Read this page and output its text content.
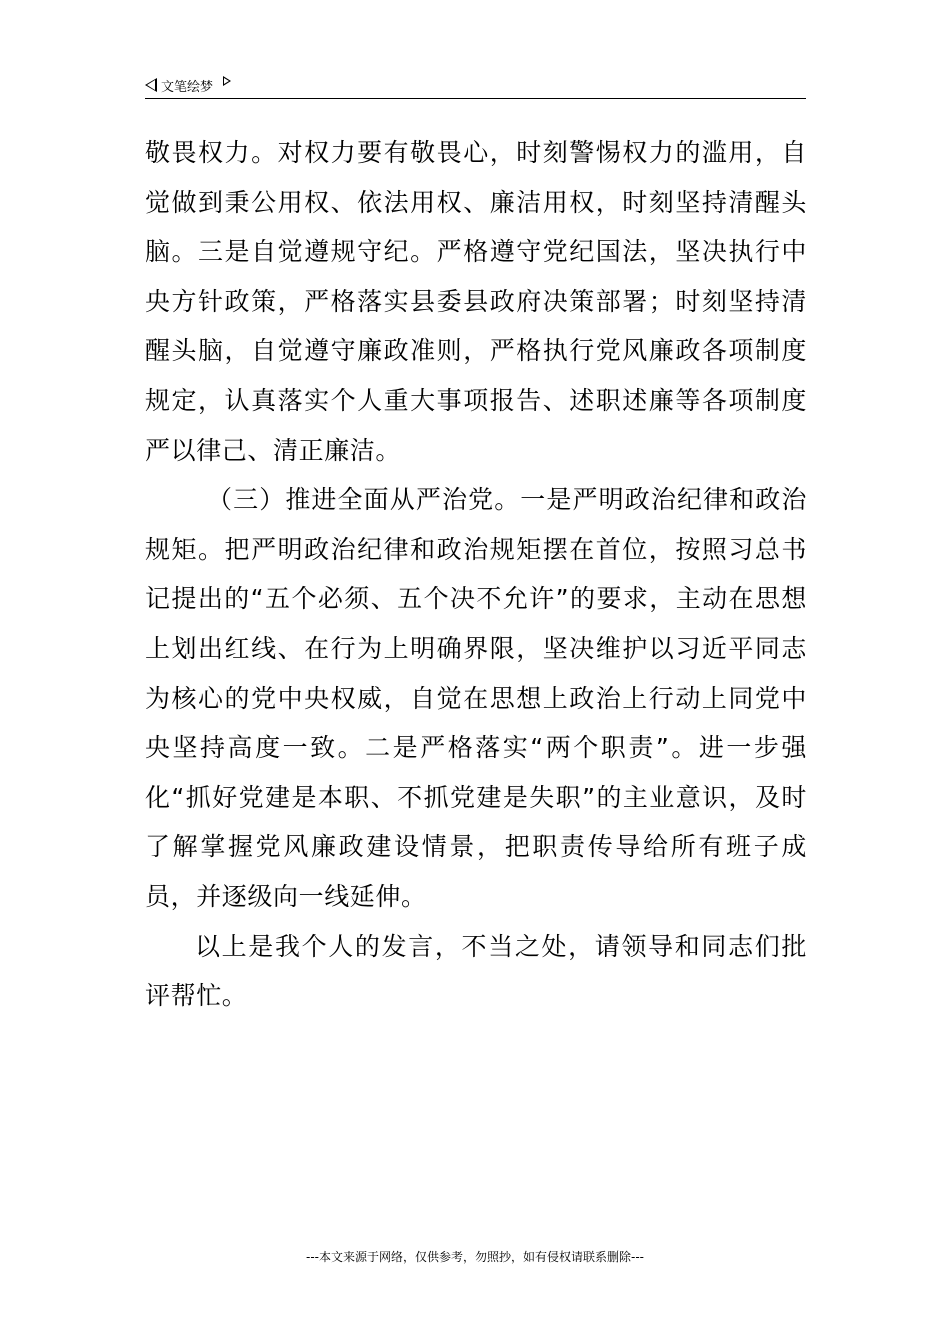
文笔绘梦

敬畏权力。对权力要有敬畏心，时刻警惕权力的滥用，自觉做到秉公用权、依法用权、廉洁用权，时刻坚持清醒头脑。三是自觉遵规守纪。严格遵守党纪国法，坚决执行中央方针政策，严格落实县委县政府决策部署；时刻坚持清醒头脑，自觉遵守廉政准则，严格执行党风廉政各项制度规定，认真落实个人重大事项报告、述职述廉等各项制度严以律己、清正廉洁。

（三）推进全面从严治党。一是严明政治纪律和政治规矩。把严明政治纪律和政治规矩摆在首位，按照习总书记提出的“五个必须、五个决不允许”的要求，主动在思想上划出红线、在行为上明确界限，坚决维护以习近平同志为核心的党中央权威，自觉在思想上政治上行动上同党中央坚持高度一致。二是严格落实“两个职责”。进一步强化“抓好党建是本职、不抓党建是失职”的主业意识，及时了解掌握党风廉政建设情景，把职责传导给所有班子成员，并逐级向一线延伸。

以上是我个人的发言，不当之处，请领导和同志们批评帮忙。

---本文来源于网络，仅供参考，勿照抄，如有侵权请联系删除---
